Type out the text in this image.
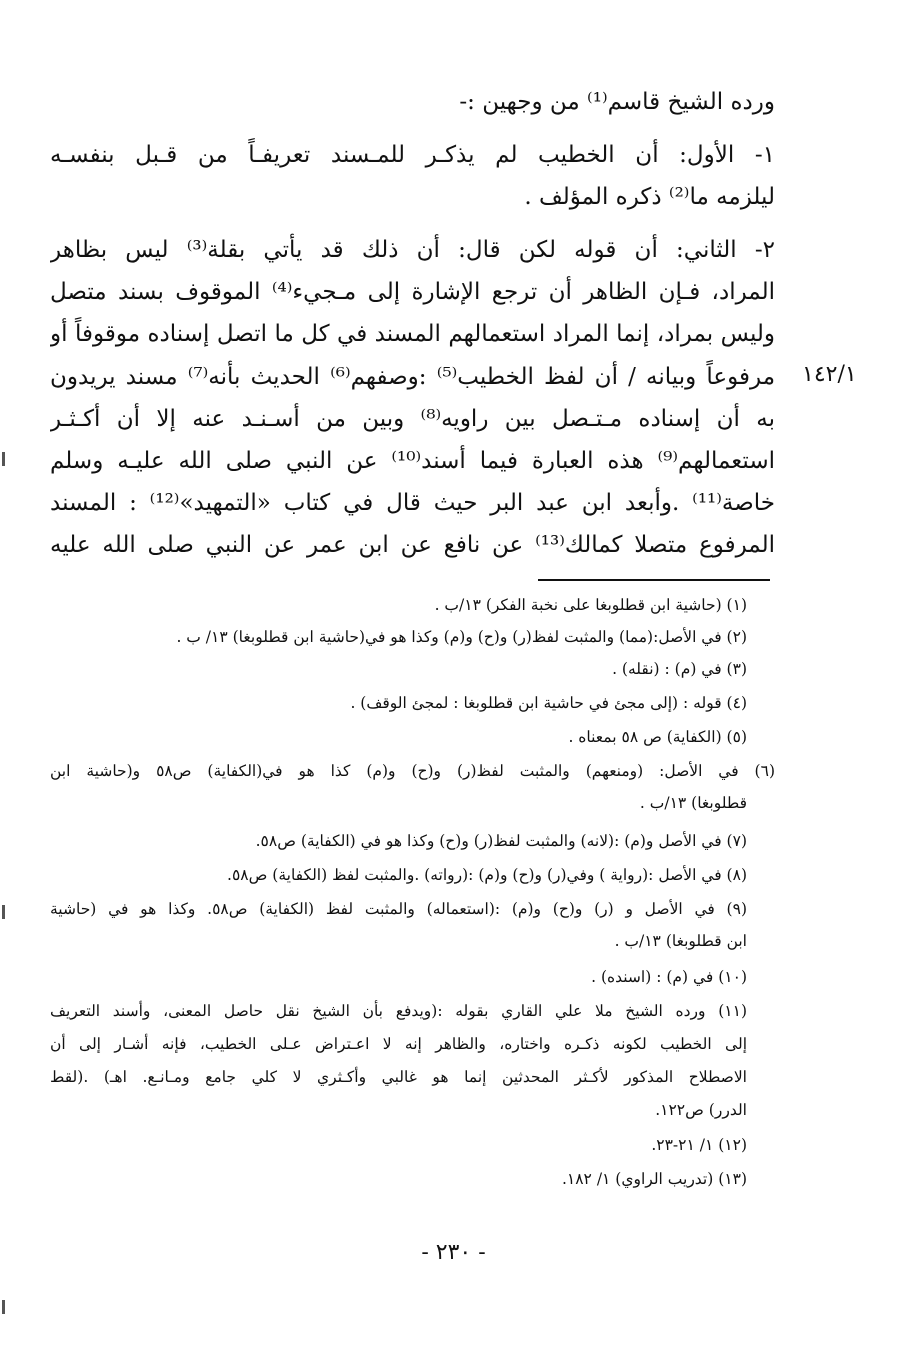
١٤٢/١
ورده الشيخ قاسم⁽¹⁾ من وجهين :-
١- الأول: أن الخطيب لم يذكـر للمـسند تعريفـاً من قـبل بنفسـه
ليلزمه ما⁽²⁾ ذكره المؤلف .
٢- الثاني: أن قوله لكن قال: أن ذلك قد يأتي بقلة⁽³⁾ ليس بظاهر
المراد، فـإن الظاهر أن ترجع الإشارة إلى مـجيء⁽⁴⁾ الموقوف بسند متصل
وليس بمراد، إنما المراد استعمالهم المسند في كل ما اتصل إسناده موقوفاً أو
مرفوعاً وبيانه / أن لفظ الخطيب⁽⁵⁾ :وصفهم⁽⁶⁾ الحديث بأنه⁽⁷⁾ مسند يريدون
به أن إسناده مـتـصل بين راويه⁽⁸⁾ وبين من أسـنـد عنه إلا أن أكـثـر
استعمالهم⁽⁹⁾ هذه العبارة فيما أسند⁽¹⁰⁾ عن النبي صلى الله عليـه وسلم
خاصة⁽¹¹⁾ .وأبعد ابن عبد البر حيث قال في كتاب «التمهيد»⁽¹²⁾ : المسند
المرفوع متصلا كمالك⁽¹³⁾ عن نافع عن ابن عمر عن النبي صلى الله عليه
(١) (حاشية ابن قطلوبغا على نخبة الفكر) ١٣/ب .
(٢) في الأصل:(مما) والمثبت لفظ(ر) و(ح) و(م) وكذا هو في(حاشية ابن قطلوبغا) ١٣/ ب .
(٣) في (م) : (نقله) .
(٤) قوله : (إلى مجئ في حاشية ابن قطلوبغا : لمجئ الوقف) .
(٥) (الكفاية) ص ٥٨ بمعناه .
(٦) في الأصل: (ومنعهم) والمثبت لفظ(ر) و(ح) و(م) كذا هو في(الكفاية) ص٥٨ و(حاشية ابن
قطلوبغا) ١٣/ب .
(٧) في الأصل و(م) :(لانه) والمثبت لفظ(ر) و(ح) وكذا هو في (الكفاية) ص٥٨.
(٨) في الأصل :(رواية ) وفي(ر) و(ح) و(م) :(رواته) .والمثبت لفظ (الكفاية) ص٥٨.
(٩) في الأصل و (ر) و(ح) و(م) :(استعماله) والمثبت لفظ (الكفاية) ص٥٨. وكذا هو في (حاشية
ابن قطلوبغا) ١٣/ب .
(١٠) في (م) : (اسنده) .
(١١) ورده الشيخ ملا علي القاري بقوله :(ويدفع بأن الشيخ نقل حاصل المعنى، وأسند التعريف
إلى الخطيب لكونه ذكـره واختاره، والظاهر إنه لا اعـتراض عـلى الخطيب، فإنه أشـار إلى أن
الاصطلاح المذكور لأكـثر المحدثين إنما هو غالبي وأكـثري لا كلي جامع ومـانـع. اهـ) .(لقط
الدرر) ص١٢٢.
(١٢) ١/ ٢١-٢٣.
(١٣) (تدريب الراوي) ١/ ١٨٢.
- ٢٣٠ -
